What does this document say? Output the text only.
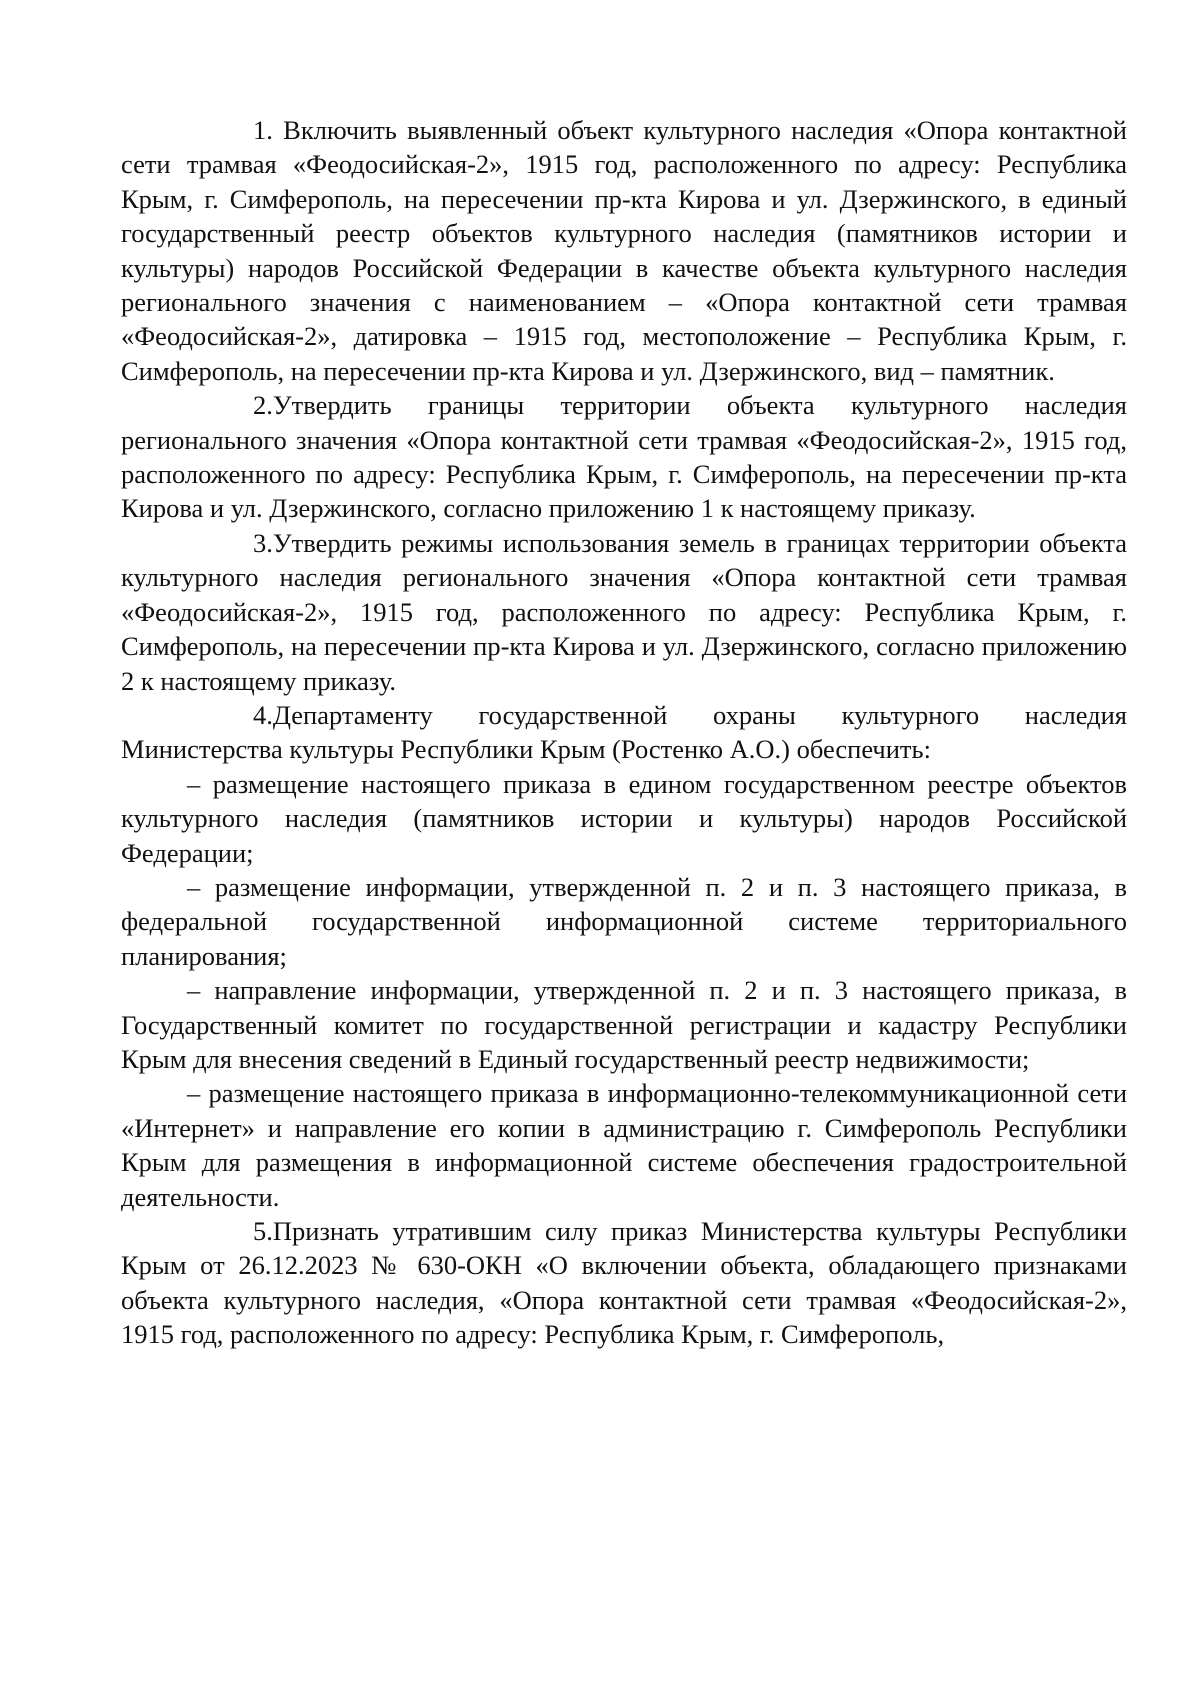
1. Включить выявленный объект культурного наследия «Опора контактной сети трамвая «Феодосийская-2», 1915 год, расположенного по адресу: Республика Крым, г. Симферополь, на пересечении пр-кта Кирова и ул. Дзержинского, в единый государственный реестр объектов культурного наследия (памятников истории и культуры) народов Российской Федерации в качестве объекта культурного наследия регионального значения с наименованием – «Опора контактной сети трамвая «Феодосийская-2», датировка – 1915 год, местоположение – Республика Крым, г. Симферополь, на пересечении пр-кта Кирова и ул. Дзержинского, вид – памятник.

2.Утвердить границы территории объекта культурного наследия регионального значения «Опора контактной сети трамвая «Феодосийская-2», 1915 год, расположенного по адресу: Республика Крым, г. Симферополь, на пересечении пр-кта Кирова и ул. Дзержинского, согласно приложению 1 к настоящему приказу.

3.Утвердить режимы использования земель в границах территории объекта культурного наследия регионального значения «Опора контактной сети трамвая «Феодосийская-2», 1915 год, расположенного по адресу: Республика Крым, г. Симферополь, на пересечении пр-кта Кирова и ул. Дзержинского, согласно приложению 2 к настоящему приказу.

4.Департаменту государственной охраны культурного наследия Министерства культуры Республики Крым (Ростенко А.О.) обеспечить:

– размещение настоящего приказа в едином государственном реестре объектов культурного наследия (памятников истории и культуры) народов Российской Федерации;

– размещение информации, утвержденной п. 2 и п. 3 настоящего приказа, в федеральной государственной информационной системе территориального планирования;

– направление информации, утвержденной п. 2 и п. 3 настоящего приказа, в Государственный комитет по государственной регистрации и кадастру Республики Крым для внесения сведений в Единый государственный реестр недвижимости;

– размещение настоящего приказа в информационно-телекоммуникационной сети «Интернет» и направление его копии в администрацию г. Симферополь Республики Крым для размещения в информационной системе обеспечения градостроительной деятельности.

5.Признать утратившим силу приказ Министерства культуры Республики Крым от 26.12.2023 № 630-ОКН «О включении объекта, обладающего признаками объекта культурного наследия, «Опора контактной сети трамвая «Феодосийская-2», 1915 год, расположенного по адресу: Республика Крым, г. Симферополь,
